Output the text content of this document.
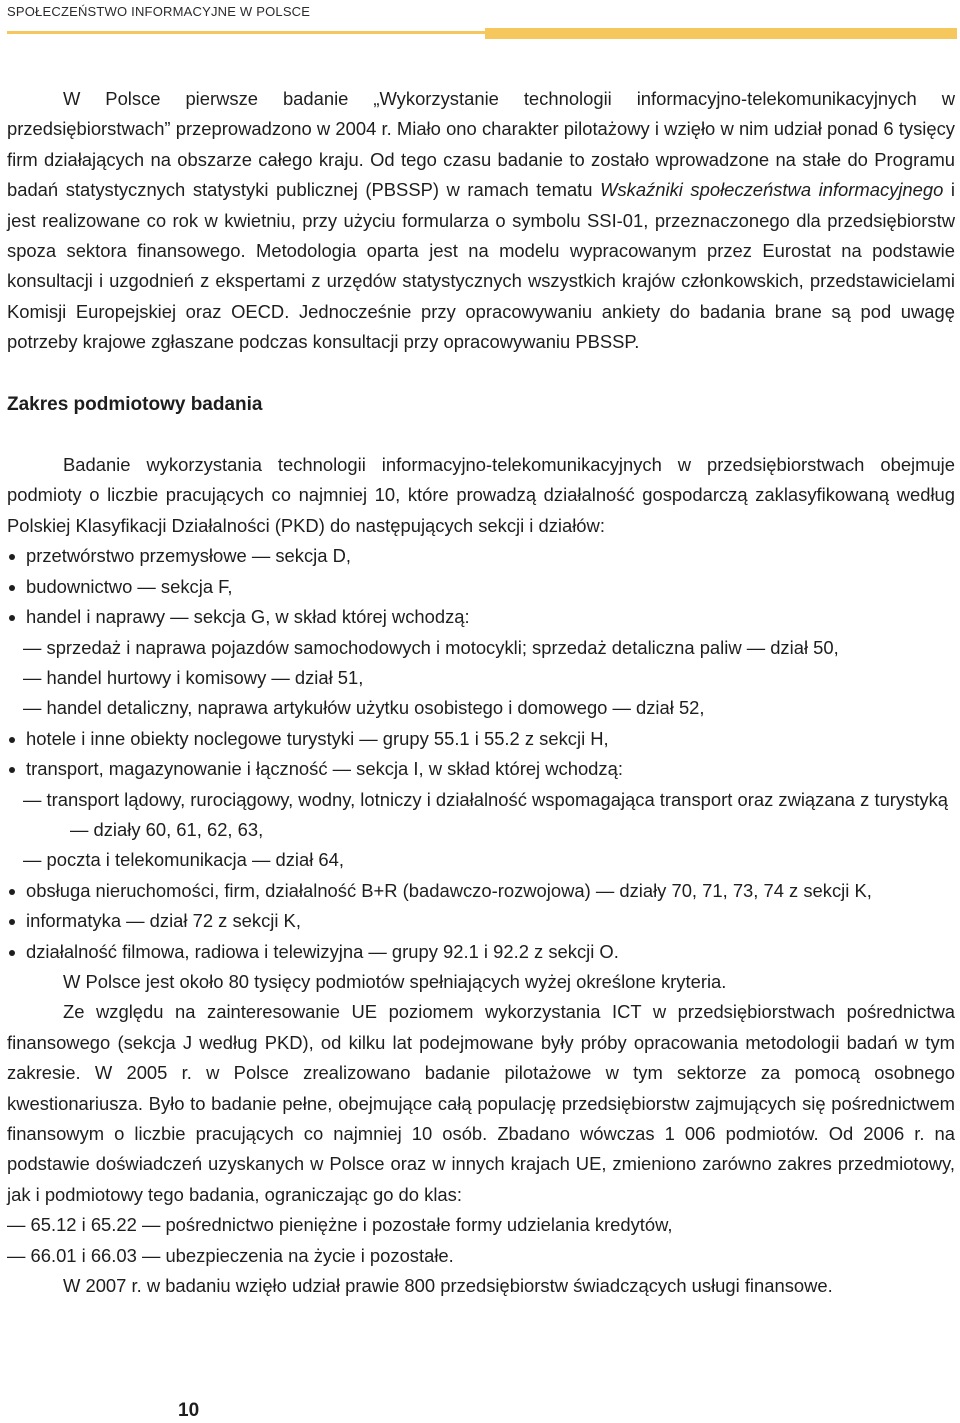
SPOŁECZEŃSTWO INFORMACYJNE W POLSCE

W Polsce pierwsze badanie „Wykorzystanie technologii informacyjno-telekomunikacyjnych w przedsiębiorstwach” przeprowadzono w 2004 r. Miało ono charakter pilotażowy i wzięło w nim udział ponad 6 tysięcy firm działających na obszarze całego kraju. Od tego czasu badanie to zostało wprowadzone na stałe do Programu badań statystycznych statystyki publicznej (PBSSP) w ramach tematu Wskaźniki społeczeństwa informacyjnego i jest realizowane co rok w kwietniu, przy użyciu formularza o symbolu SSI-01, przeznaczonego dla przedsiębiorstw spoza sektora finansowego. Metodologia oparta jest na modelu wypracowanym przez Eurostat na podstawie konsultacji i uzgodnień z ekspertami z urzędów statystycznych wszystkich krajów członkowskich, przedstawicielami Komisji Europejskiej oraz OECD. Jednocześnie przy opracowywaniu ankiety do badania brane są pod uwagę potrzeby krajowe zgłaszane podczas konsultacji przy opracowywaniu PBSSP.

Zakres podmiotowy badania

Badanie wykorzystania technologii informacyjno-telekomunikacyjnych w przedsiębiorstwach obejmuje podmioty o liczbie pracujących co najmniej 10, które prowadzą działalność gospodarczą zaklasyfikowaną według Polskiej Klasyfikacji Działalności (PKD) do następujących sekcji i działów:

przetwórstwo przemysłowe — sekcja D,
budownictwo — sekcja F,
handel i naprawy — sekcja G, w skład której wchodzą:
— sprzedaż i naprawa pojazdów samochodowych i motocykli; sprzedaż detaliczna paliw — dział 50,
— handel hurtowy i komisowy — dział 51,
— handel detaliczny, naprawa artykułów użytku osobistego i domowego — dział 52,
hotele i inne obiekty noclegowe turystyki — grupy 55.1 i 55.2 z sekcji H,
transport, magazynowanie i łączność — sekcja I, w skład której wchodzą:
— transport lądowy, rurociągowy, wodny, lotniczy i działalność wspomagająca transport oraz związana z turystyką
— działy 60, 61, 62, 63,
— poczta i telekomunikacja — dział 64,
obsługa nieruchomości, firm, działalność B+R (badawczo-rozwojowa) — działy 70, 71, 73, 74 z sekcji K,
informatyka — dział 72 z sekcji K,
działalność filmowa, radiowa i telewizyjna — grupy 92.1 i 92.2 z sekcji O.

W Polsce jest około 80 tysięcy podmiotów spełniających wyżej określone kryteria.

Ze względu na zainteresowanie UE poziomem wykorzystania ICT w przedsiębiorstwach pośrednictwa finansowego (sekcja J według PKD), od kilku lat podejmowane były próby opracowania metodologii badań w tym zakresie. W 2005 r. w Polsce zrealizowano badanie pilotażowe w tym sektorze za pomocą osobnego kwestionariusza. Było to badanie pełne, obejmujące całą populację przedsiębiorstw zajmujących się pośrednictwem finansowym o liczbie pracujących co najmniej 10 osób. Zbadano wówczas 1 006 podmiotów. Od 2006 r. na podstawie doświadczeń uzyskanych w Polsce oraz w innych krajach UE, zmieniono zarówno zakres przedmiotowy, jak i podmiotowy tego badania, ograniczając go do klas:

— 65.12 i 65.22 — pośrednictwo pieniężne i pozostałe formy udzielania kredytów,
— 66.01 i 66.03 — ubezpieczenia na życie i pozostałe.

W 2007 r. w badaniu wzięło udział prawie 800 przedsiębiorstw świadczących usługi finansowe.

10
